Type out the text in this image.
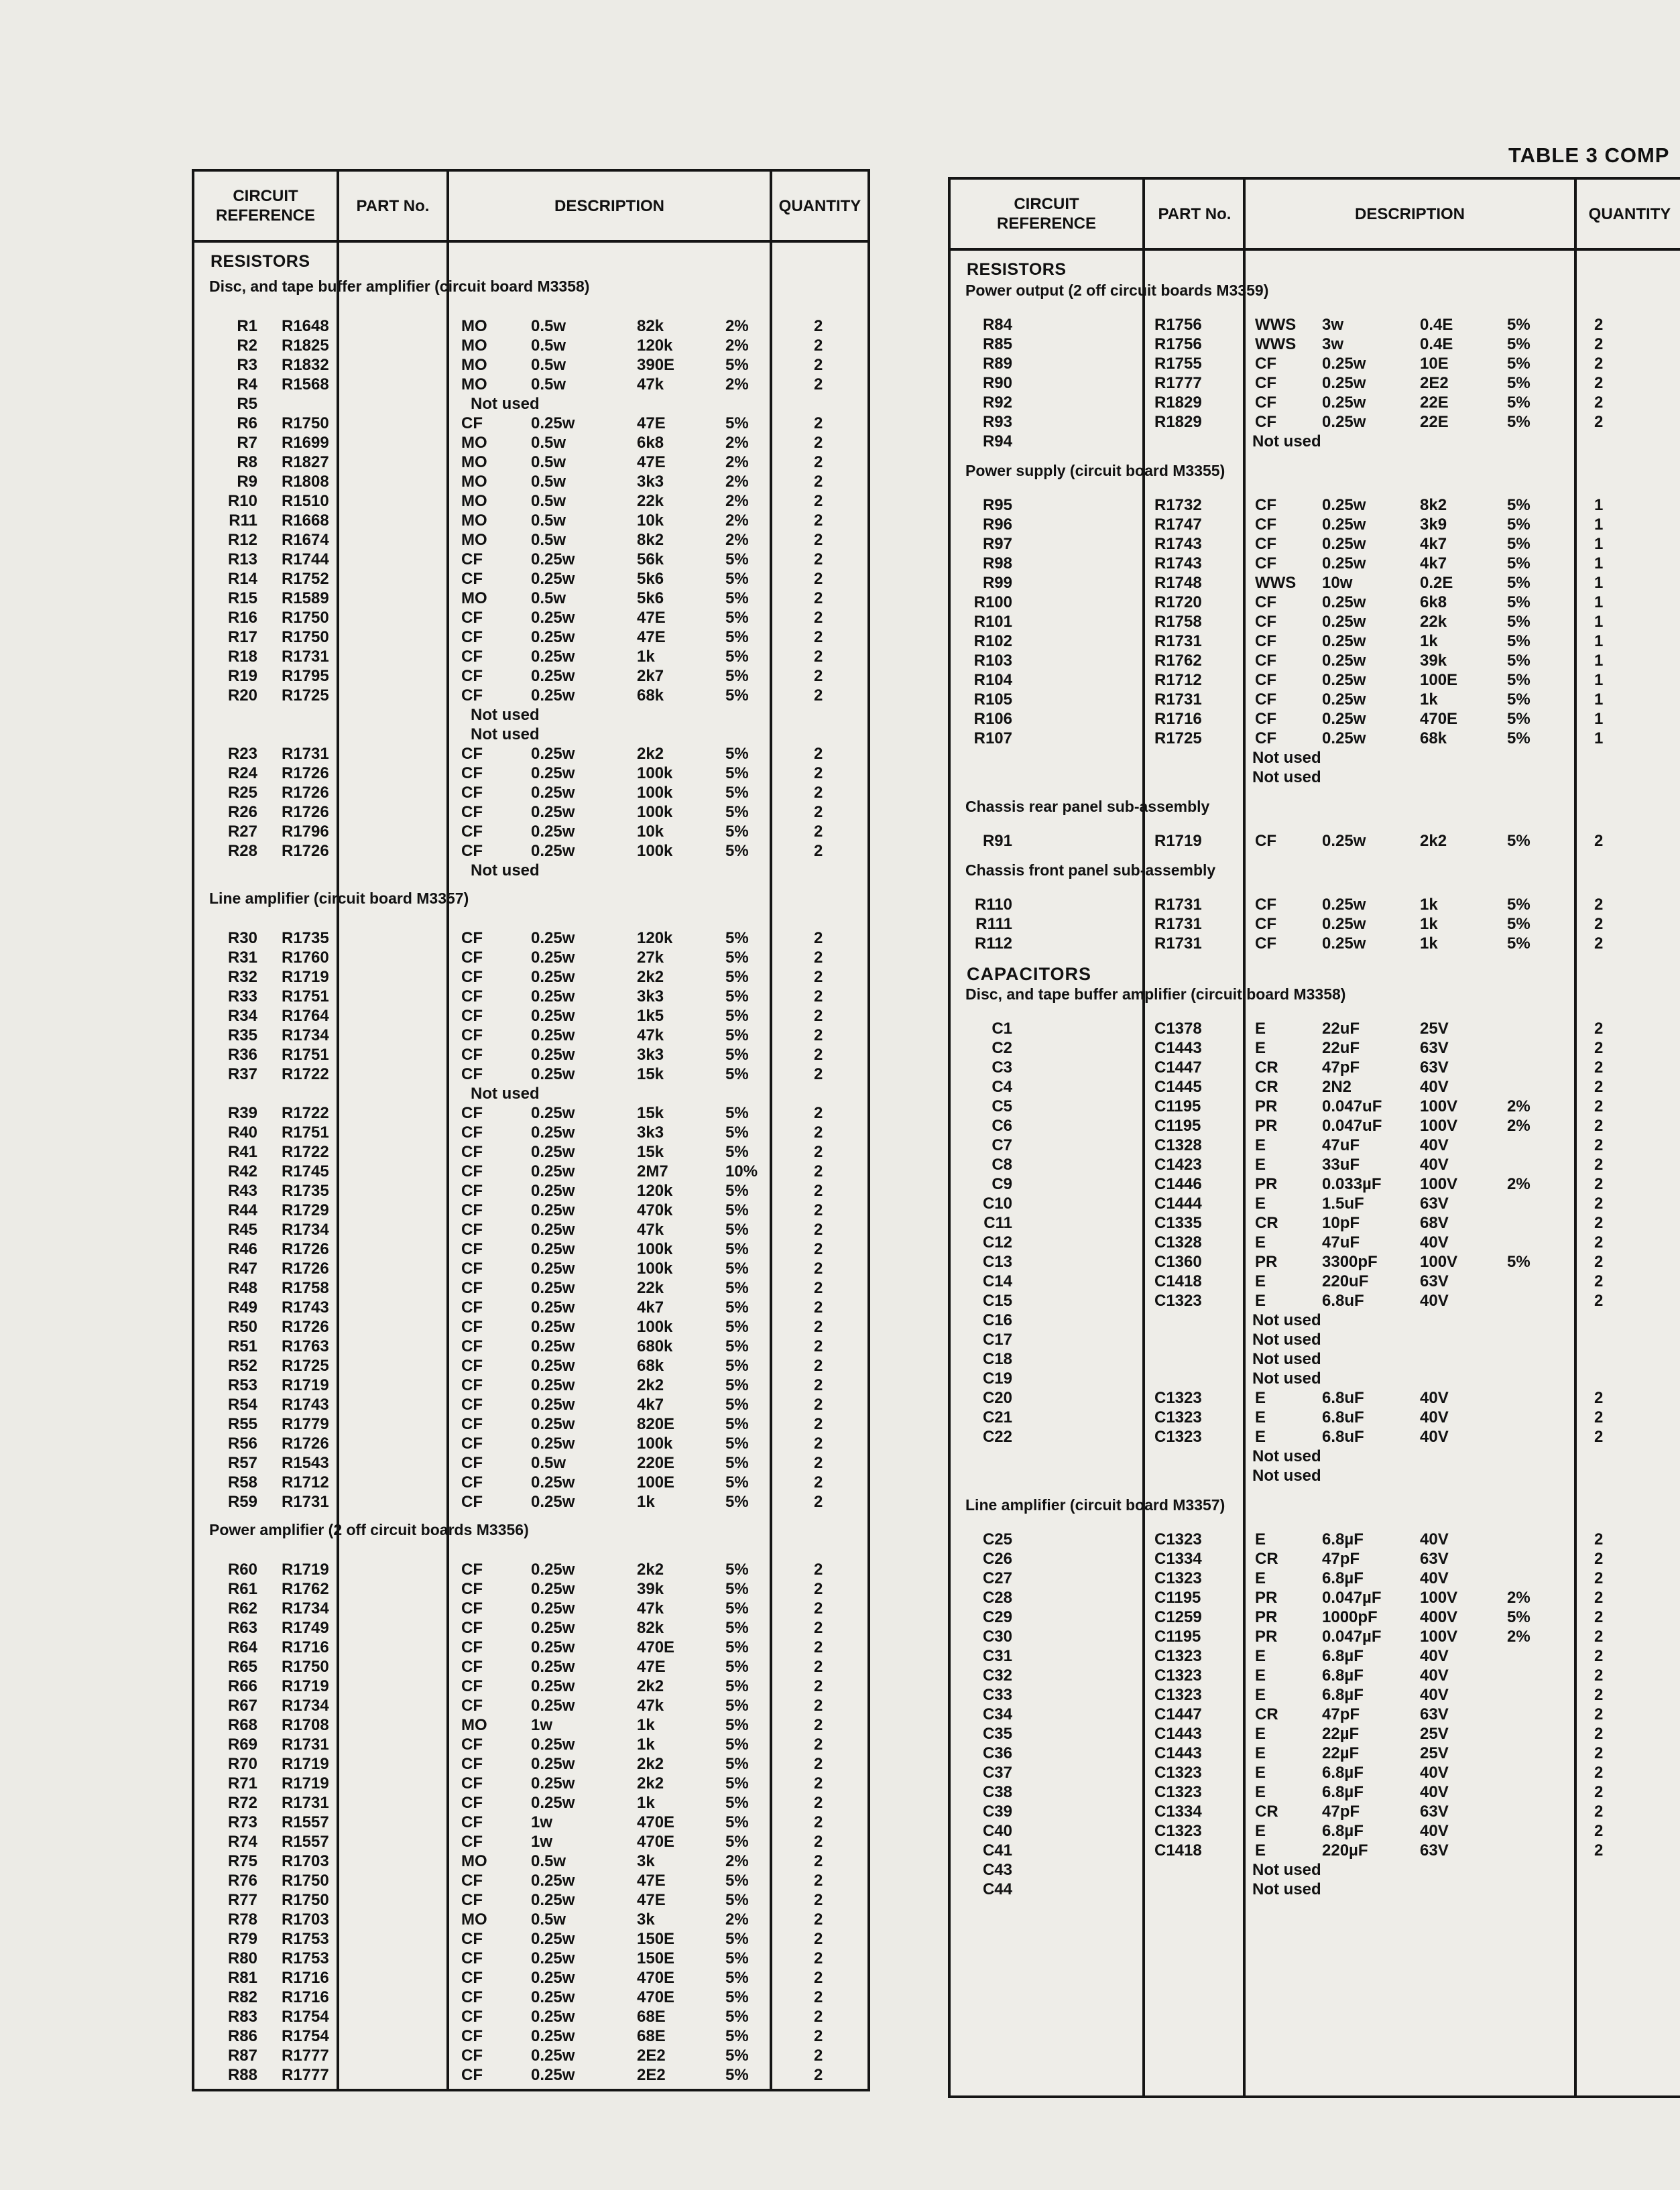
TABLE 3 COMP
CIRCUIT
REFERENCE
PART No.	DESCRIPTION	QUANTITY
RESISTORS
Disc, and tape buffer amplifier (circuit board M3358)
R1 R1648	MO	0.5w	82k	2%	2
R2 R1825	MO	0.5w	120k	2%	2
R3 R1832	MO	0.5w	390E	5%	2
R4 R1568	MO	0.5w	47k	2%	2
R5	Not used
R6 R1750	CF	0.25w	47E	5%	2
R7 R1699	MO	0.5w	6k8	2%	2
R8 R1827	MO	0.5w	47E	2%	2
R9 R1808	MO	0.5w	3k3	2%	2
R10 R1510	MO	0.5w	22k	2%	2
R11 R1668	MO	0.5w	10k	2%	2
R12 R1674	MO	0.5w	8k2	2%	2
R13 R1744	CF	0.25w	56k	5%	2
R14 R1752	CF	0.25w	5k6	5%	2
R15 R1589	MO	0.5w	5k6	5%	2
R16 R1750	CF	0.25w	47E	5%	2
R17 R1750	CF	0.25w	47E	5%	2
R18 R1731	CF	0.25w	1k	5%	2
R19 R1795	CF	0.25w	2k7	5%	2
R20 R1725	CF	0.25w	68k	5%	2
Not used
Not used
R23 R1731	CF	0.25w	2k2	5%	2
R24 R1726	CF	0.25w	100k	5%	2
R25 R1726	CF	0.25w	100k	5%	2
R26 R1726	CF	0.25w	100k	5%	2
R27 R1796	CF	0.25w	10k	5%	2
R28 R1726	CF	0.25w	100k	5%	2
Not used
Line amplifier (circuit board M3357)
R30 R1735	CF	0.25w	120k	5%	2
R31 R1760	CF	0.25w	27k	5%	2
R32 R1719	CF	0.25w	2k2	5%	2
R33 R1751	CF	0.25w	3k3	5%	2
R34 R1764	CF	0.25w	1k5	5%	2
R35 R1734	CF	0.25w	47k	5%	2
R36 R1751	CF	0.25w	3k3	5%	2
R37 R1722	CF	0.25w	15k	5%	2
Not used
R39 R1722	CF	0.25w	15k	5%	2
R40 R1751	CF	0.25w	3k3	5%	2
R41 R1722	CF	0.25w	15k	5%	2
R42 R1745	CF	0.25w	2M7	10%	2
R43 R1735	CF	0.25w	120k	5%	2
R44 R1729	CF	0.25w	470k	5%	2
R45 R1734	CF	0.25w	47k	5%	2
R46 R1726	CF	0.25w	100k	5%	2
R47 R1726	CF	0.25w	100k	5%	2
R48 R1758	CF	0.25w	22k	5%	2
R49 R1743	CF	0.25w	4k7	5%	2
R50 R1726	CF	0.25w	100k	5%	2
R51 R1763	CF	0.25w	680k	5%	2
R52 R1725	CF	0.25w	68k	5%	2
R53 R1719	CF	0.25w	2k2	5%	2
R54 R1743	CF	0.25w	4k7	5%	2
R55 R1779	CF	0.25w	820E	5%	2
R56 R1726	CF	0.25w	100k	5%	2
R57 R1543	CF	0.5w	220E	5%	2
R58 R1712	CF	0.25w	100E	5%	2
R59 R1731	CF	0.25w	1k	5%	2
Power amplifier (2 off circuit boards M3356)
R60 R1719	CF	0.25w	2k2	5%	2
R61 R1762	CF	0.25w	39k	5%	2
R62 R1734	CF	0.25w	47k	5%	2
R63 R1749	CF	0.25w	82k	5%	2
R64 R1716	CF	0.25w	470E	5%	2
R65 R1750	CF	0.25w	47E	5%	2
R66 R1719	CF	0.25w	2k2	5%	2
R67 R1734	CF	0.25w	47k	5%	2
R68 R1708	MO	1w	1k	5%	2
R69 R1731	CF	0.25w	1k	5%	2
R70 R1719	CF	0.25w	2k2	5%	2
R71 R1719	CF	0.25w	2k2	5%	2
R72 R1731	CF	0.25w	1k	5%	2
R73 R1557	CF	1w	470E	5%	2
R74 R1557	CF	1w	470E	5%	2
R75 R1703	MO	0.5w	3k	2%	2
R76 R1750	CF	0.25w	47E	5%	2
R77 R1750	CF	0.25w	47E	5%	2
R78 R1703	MO	0.5w	3k	2%	2
R79 R1753	CF	0.25w	150E	5%	2
R80 R1753	CF	0.25w	150E	5%	2
R81 R1716	CF	0.25w	470E	5%	2
R82 R1716	CF	0.25w	470E	5%	2
R83 R1754	CF	0.25w	68E	5%	2
R86 R1754	CF	0.25w	68E	5%	2
R87 R1777	CF	0.25w	2E2	5%	2
R88 R1777	CF	0.25w	2E2	5%	2
CIRCUIT
REFERENCE
PART No.	DESCRIPTION	QUANTITY
RESISTORS
Power output (2 off circuit boards M3359)
R84	R1756	WWS 3w	0.4E	5%	2
R85	R1756	WWS 3w	0.4E	5%	2
R89	R1755	CF	0.25w	10E	5%	2
R90	R1777	CF	0.25w	2E2	5%	2
R92	R1829	CF	0.25w	22E	5%	2
R93	R1829	CF	0.25w	22E	5%	2
R94	Not used
Power supply (circuit board M3355)
R95	R1732	CF	0.25w	8k2	5%	1
R96	R1747	CF	0.25w	3k9	5%	1
R97	R1743	CF	0.25w	4k7	5%	1
R98	R1743	CF	0.25w	4k7	5%	1
R99	R1748	WWS 10w	0.2E	5%	1
R100	R1720	CF	0.25w	6k8	5%	1
R101	R1758	CF	0.25w	22k	5%	1
R102	R1731	CF	0.25w	1k	5%	1
R103	R1762	CF	0.25w	39k	5%	1
R104	R1712	CF	0.25w	100E	5%	1
R105	R1731	CF	0.25w	1k	5%	1
R106	R1716	CF	0.25w	470E	5%	1
R107	R1725	CF	0.25w	68k	5%	1
Not used
Not used
Chassis rear panel sub-assembly
R91	R1719	CF	0.25w	2k2	5%	2
Chassis front panel sub-assembly
R110	R1731	CF	0.25w	1k	5%	2
R111	R1731	CF	0.25w	1k	5%	2
R112	R1731	CF	0.25w	1k	5%	2
CAPACITORS
Disc, and tape buffer amplifier (circuit board M3358)
C1	C1378	E	22uF	25V	2
C2	C1443	E	22uF	63V	2
C3	C1447	CR	47pF	63V	2
C4	C1445	CR	2N2	40V	2
C5	C1195	PR	0.047uF 100V	2%	2
C6	C1195	PR	0.047uF 100V	2%	2
C7	C1328	E	47uF	40V	2
C8	C1423	E	33uF	40V	2
C9	C1446	PR	0.033µF 100V	2%	2
C10	C1444	E	1.5uF	63V	2
C11	C1335	CR	10pF	68V	2
C12	C1328	E	47uF	40V	2
C13	C1360	PR	3300pF	100V	5%	2
C14	C1418	E	220uF	63V	2
C15	C1323	E	6.8uF	40V	2
C16	Not used
C17	Not used
C18	Not used
C19	Not used
C20	C1323	E	6.8uF	40V	2
C21	C1323	E	6.8uF	40V	2
C22	C1323	E	6.8uF	40V	2
Not used
Not used
Line amplifier (circuit board M3357)
C25	C1323	E	6.8µF	40V	2
C26	C1334	CR	47pF	63V	2
C27	C1323	E	6.8µF	40V	2
C28	C1195	PR	0.047µF 100V	2%	2
C29	C1259	PR	1000pF	400V	5%	2
C30	C1195	PR	0.047µF 100V	2%	2
C31	C1323	E	6.8µF	40V	2
C32	C1323	E	6.8µF	40V	2
C33	C1323	E	6.8µF	40V	2
C34	C1447	CR	47pF	63V	2
C35	C1443	E	22µF	25V	2
C36	C1443	E	22µF	25V	2
C37	C1323	E	6.8µF	40V	2
C38	C1323	E	6.8µF	40V	2
C39	C1334	CR	47pF	63V	2
C40	C1323	E	6.8µF	40V	2
C41	C1418	E	220µF	63V	2
C43	Not used
C44	Not used
